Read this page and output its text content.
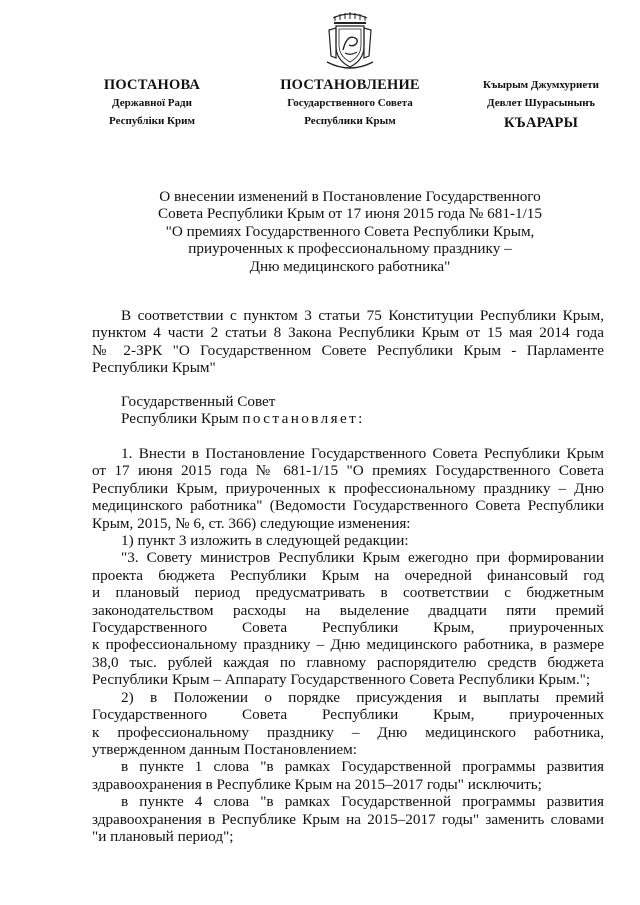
ПОСТАНОВА
Державної Ради
Республіки Крим
ПОСТАНОВЛЕНИЕ
Государственного Совета
Республики Крым
Къырым Джумхуриети
Девлет Шурасынынъ
КЪАРАРЫ
О внесении изменений в Постановление Государственного
Совета Республики Крым от 17 июня 2015 года № 681-1/15
"О премиях Государственного Совета Республики Крым,
приуроченных к профессиональному празднику –
Дню медицинского работника"
В соответствии с пунктом 3 статьи 75 Конституции Республики Крым,
пунктом 4 части 2 статьи 8 Закона Республики Крым от 15 мая 2014 года
№ 2-ЗРК "О Государственном Совете Республики Крым - Парламенте
Республики Крым"
Государственный Совет
Республики Крым постановляет:
1. Внести в Постановление Государственного Совета Республики Крым
от 17 июня 2015 года № 681-1/15 "О премиях Государственного Совета
Республики Крым, приуроченных к профессиональному празднику – Дню
медицинского работника" (Ведомости Государственного Совета Республики
Крым, 2015, № 6, ст. 366) следующие изменения:
1) пункт 3 изложить в следующей редакции:
"3. Совету министров Республики Крым ежегодно при формировании
проекта бюджета Республики Крым на очередной финансовый год
и плановый период предусматривать в соответствии с бюджетным
законодательством расходы на выделение двадцати пяти премий
Государственного Совета Республики Крым, приуроченных
к профессиональному празднику – Дню медицинского работника, в размере
38,0 тыс. рублей каждая по главному распорядителю средств бюджета
Республики Крым – Аппарату Государственного Совета Республики Крым.";
2) в Положении о порядке присуждения и выплаты премий
Государственного Совета Республики Крым, приуроченных
к профессиональному празднику – Дню медицинского работника,
утвержденном данным Постановлением:
в пункте 1 слова "в рамках Государственной программы развития
здравоохранения в Республике Крым на 2015–2017 годы" исключить;
в пункте 4 слова "в рамках Государственной программы развития
здравоохранения в Республике Крым на 2015–2017 годы" заменить словами
"и плановый период";
